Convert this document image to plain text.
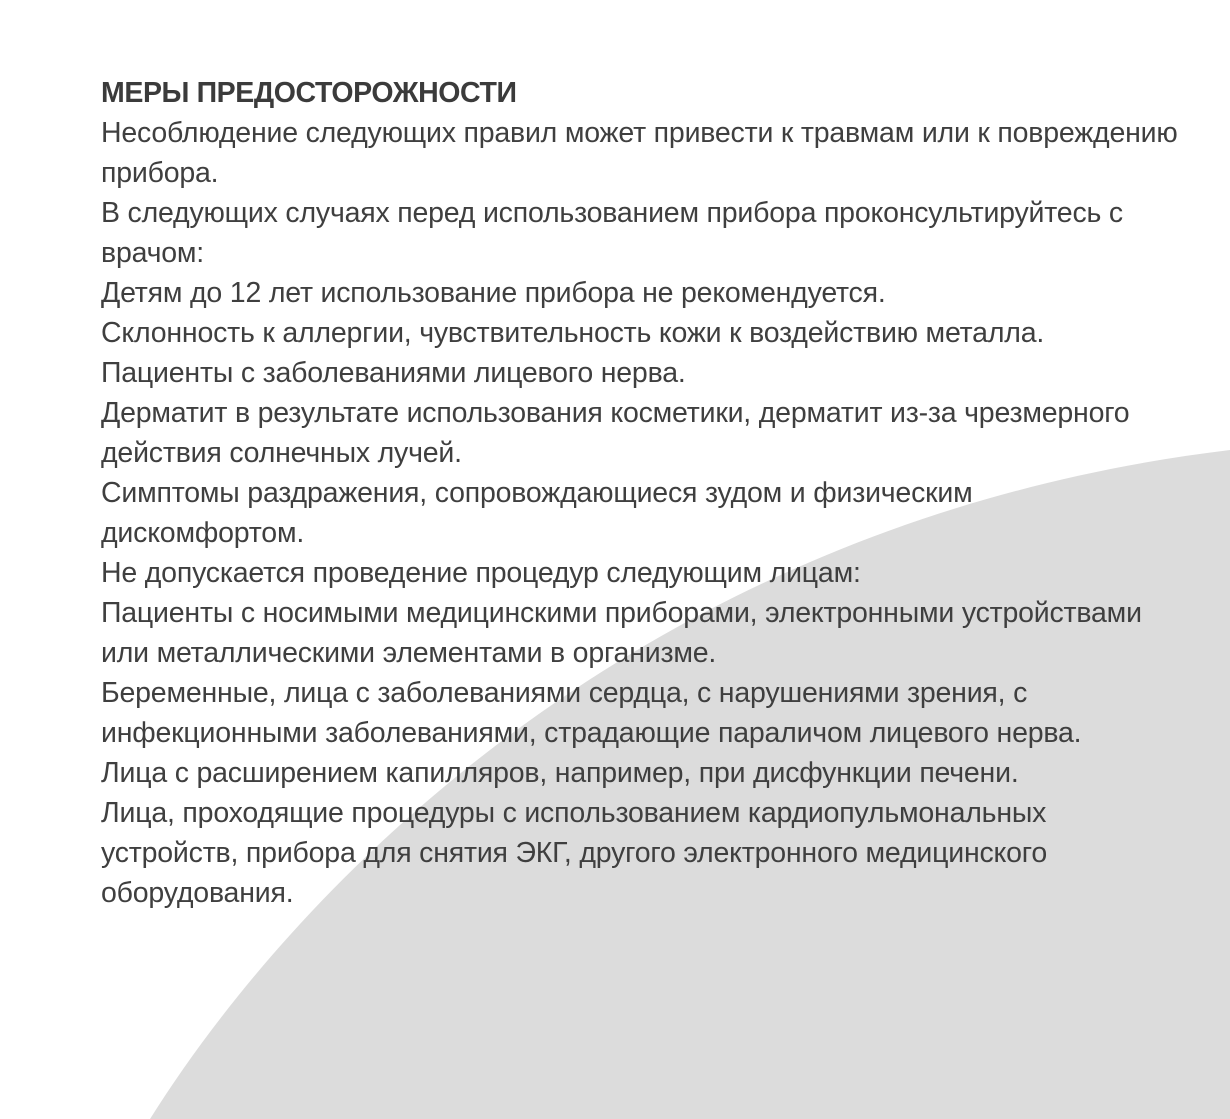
МЕРЫ ПРЕДОСТОРОЖНОСТИ

Несоблюдение следующих правил может привести к травмам или к повреждению прибора.

В следующих случаях перед использованием прибора проконсультируйтесь с врачом:

Детям до 12 лет использование прибора не рекомендуется.

Склонность к аллергии, чувствительность кожи к воздействию металла.

Пациенты с заболеваниями лицевого нерва.

Дерматит в результате использования косметики, дерматит из-за чрезмерного действия солнечных лучей.

Симптомы раздражения, сопровождающиеся зудом и физическим дискомфортом.

Не допускается проведение процедур следующим лицам:

Пациенты с носимыми медицинскими приборами, электронными устройствами или металлическими элементами в организме.

Беременные, лица с заболеваниями сердца, с нарушениями зрения, с инфекционными заболеваниями, страдающие параличом лицевого нерва.

Лица с расширением капилляров, например, при дисфункции печени.

Лица, проходящие процедуры с использованием кардиопульмональных устройств, прибора для снятия ЭКГ, другого электронного медицинского оборудования.
